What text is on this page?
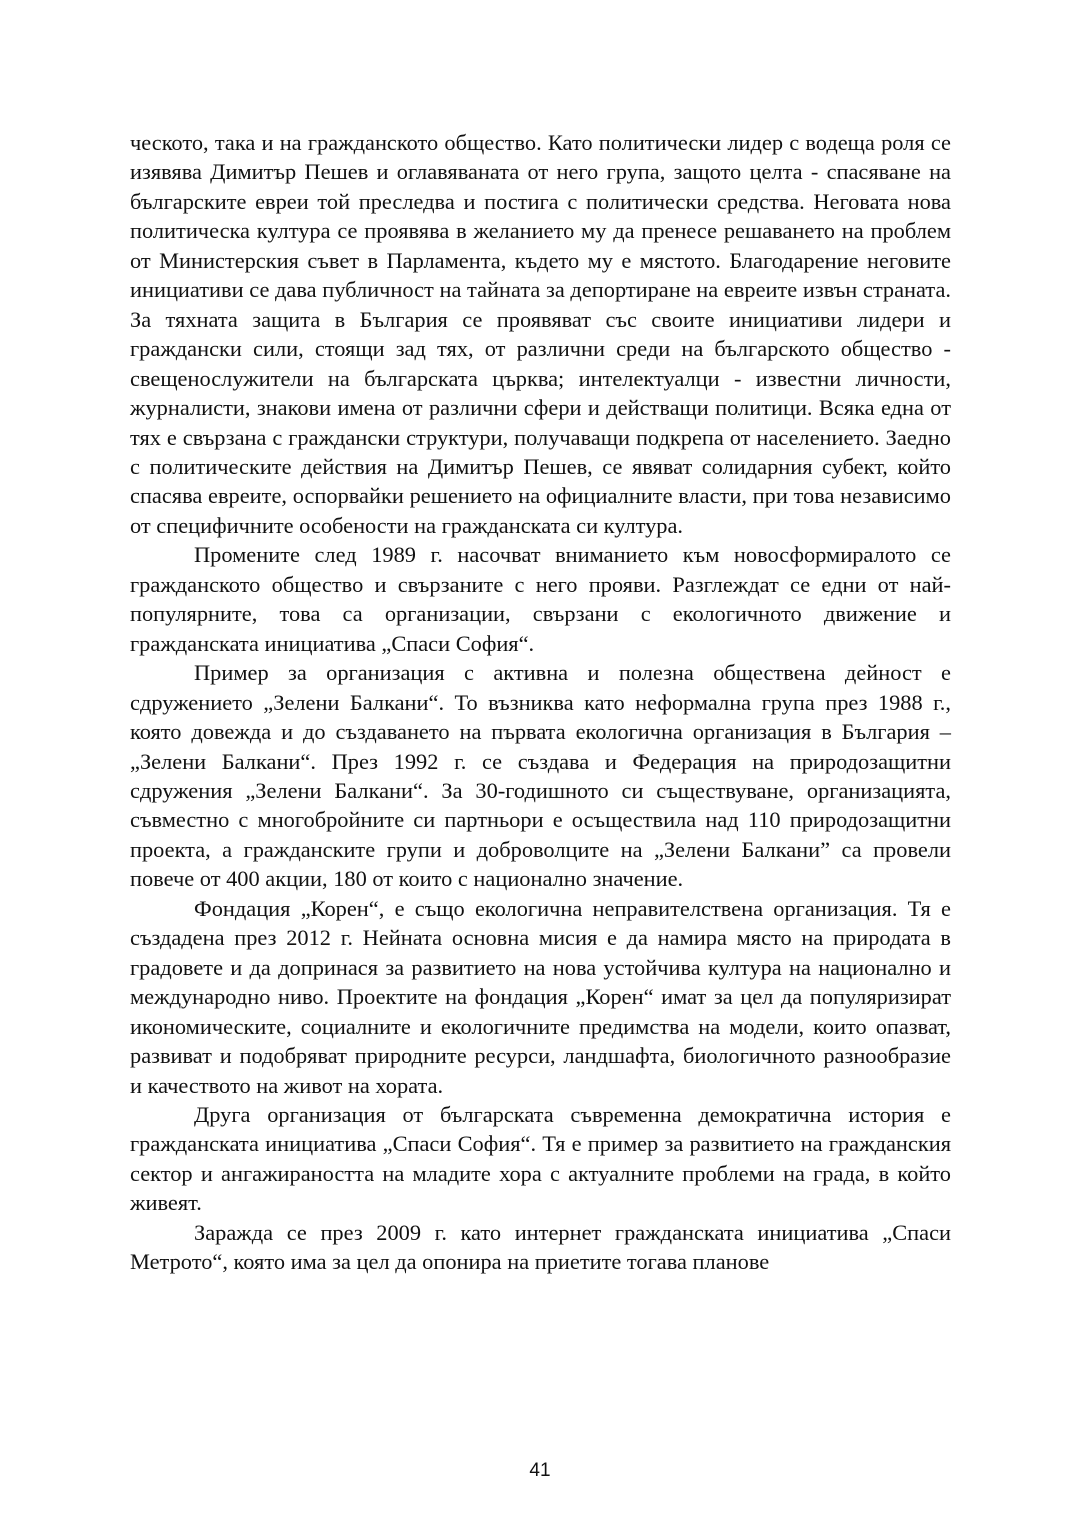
ческото, така и на гражданското общество. Като политически лидер с водеща роля се изявява Димитър Пешев и оглавяваната от него група, защото целта - спасяване на българските евреи той преследва и постига с политически средства. Неговата нова политическа култура се проявява в желанието му да пренесе решаването на проблем от Министерския съвет в Парламента, където му е мястото. Благодарение неговите инициативи се дава публичност на тайната за депортиране на евреите извън страната. За тяхната защита в България се проявяват със своите инициативи лидери и граждански сили, стоящи зад тях, от различни среди на българското общество - свещенослужители на българската църква; интелектуалци - известни личности, журналисти, знакови имена от различни сфери и действащи политици. Всяка една от тях е свързана с граждански структури, получаващи подкрепа от населението. Заедно с политическите действия на Димитър Пешев, се явяват солидарния субект, който спасява евреите, оспорвайки решението на официалните власти, при това независимо от специфичните особености на гражданската си култура.

Промените след 1989 г. насочват вниманието към новосформиралото се гражданското общество и свързаните с него прояви. Разглеждат се едни от най-популярните, това са организации, свързани с екологичното движение и гражданската инициатива „Спаси София“.

Пример за организация с активна и полезна обществена дейност е сдружението „Зелени Балкани“. То възниква като неформална група през 1988 г., която довежда и до създаването на първата екологична организация в България – „Зелени Балкани“. През 1992 г. се създава и Федерация на природозащитни сдружения „Зелени Балкани“. За 30-годишното си съществуване, организацията, съвместно с многобройните си партньори е осъществила над 110 природозащитни проекта, а гражданските групи и доброволците на „Зелени Балкани” са провели повече от 400 акции, 180 от които с национално значение.

Фондация „Корен“, е също екологична неправителствена организация. Тя е създадена през 2012 г. Нейната основна мисия е да намира място на природата в градовете и да допринася за развитието на нова устойчива култура на национално и международно ниво. Проектите на фондация „Корен“ имат за цел да популяризират икономическите, социалните и екологичните предимства на модели, които опазват, развиват и подобряват природните ресурси, ландшафта, биологичното разнообразие и качеството на живот на хората.

Друга организация от българската съвременна демократична история е гражданската инициатива „Спаси София“. Тя е пример за развитието на гражданския сектор и ангажираността на младите хора с актуалните проблеми на града, в който живеят.

Заражда се през 2009 г. като интернет гражданската инициатива „Спаси Метрото“, която има за цел да опонира на приетите тогава планове

41
